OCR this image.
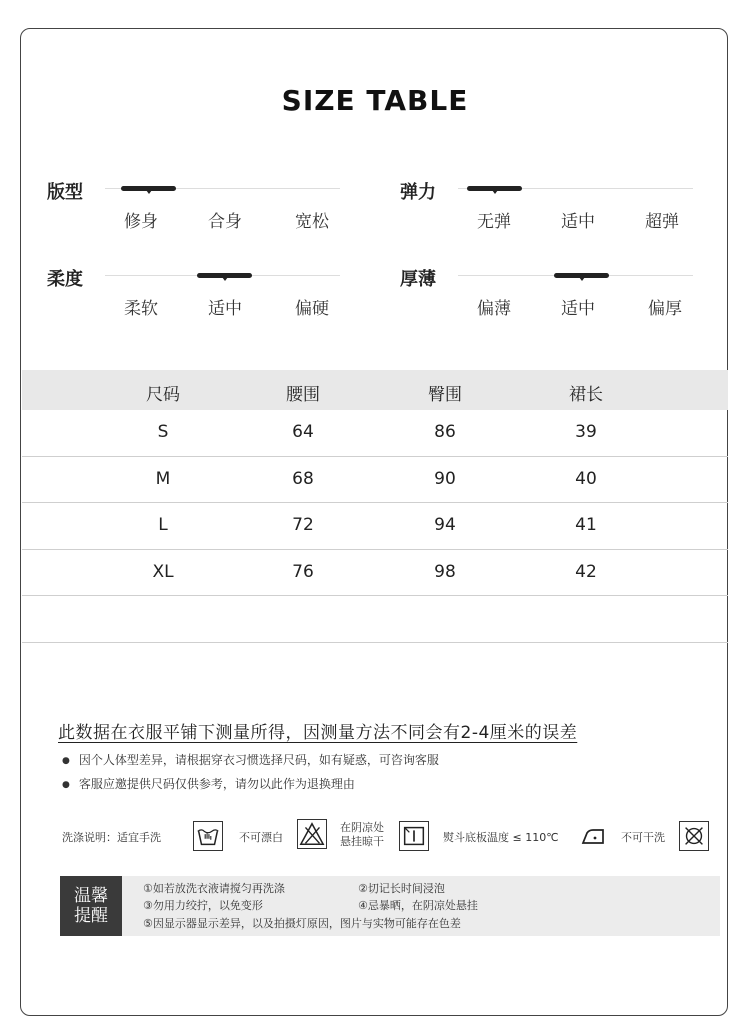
SIZE TABLE
版型
修身	合身	宽松
弹力
无弹	适中	超弹
柔度
柔软	适中	偏硬
厚薄
偏薄	适中	偏厚
尺码	腰围	臀围	裙长
S	64	86	39
M	68	90	40
L	72	94	41
XL	76	98	42
此数据在衣服平铺下测量所得，因测量方法不同会有2-4厘米的误差
● 因个人体型差异，请根据穿衣习惯选择尺码，如有疑惑，可咨询客服
● 客服应邀提供尺码仅供参考，请勿以此作为退换理由
洗涤说明：适宜手洗	不可漂白
在阴凉处
悬挂晾干	熨斗底板温度 ≤ 110℃	不可干洗
温馨
提醒
①如若放洗衣液请搅匀再洗涤	②切记长时间浸泡
③勿用力绞拧，以免变形	④忌暴晒，在阴凉处悬挂
⑤因显示器显示差异，以及拍摄灯原因，图片与实物可能存在色差
